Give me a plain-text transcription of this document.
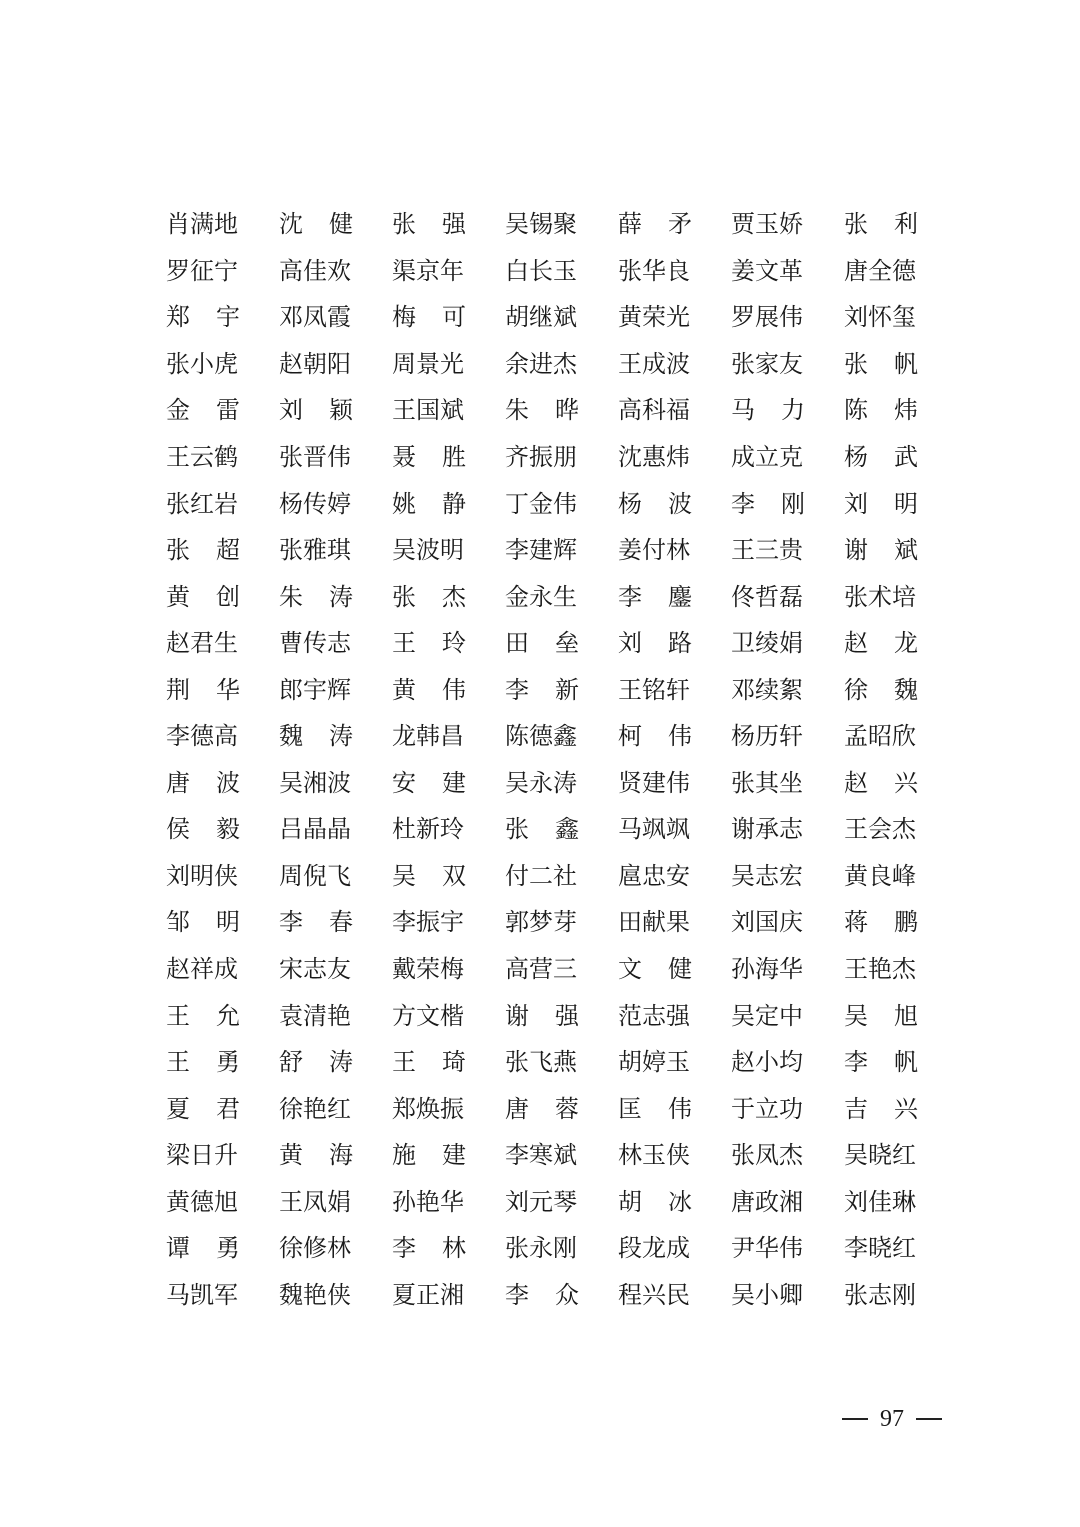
肖 满 地 沈 健 张 强 吴 锡 聚 薛 矛 贾 玉 娇 张 利
罗 征 宁 高 佳 欢 渠 京 年 白 长 玉 张 华 良 姜 文 革 唐 全 德
郑 宇 邓 凤 霞 梅 可 胡 继 斌 黄 荣 光 罗 展 伟 刘 怀 玺
张 小 虎 赵 朝 阳 周 景 光 余 进 杰 王 成 波 张 家 友 张 帆
金 雷 刘 颖 王 国 斌 朱 晔 高 科 福 马 力 陈 炜
王 云 鹤 张 晋 伟 聂 胜 齐 振 朋 沈 惠 炜 成 立 克 杨 武
张 红 岩 杨 传 婷 姚 静 丁 金 伟 杨 波 李 刚 刘 明
张 超 张 雅 琪 吴 波 明 李 建 辉 姜 付 林 王 三 贵 谢 斌
黄 创 朱 涛 张 杰 金 永 生 李 鏖 佟 哲 磊 张 术 培
赵 君 生 曹 传 志 王 玲 田 垒 刘 路 卫 绫 娟 赵 龙
荆 华 郎 宇 辉 黄 伟 李 新 王 铭 轩 邓 续 絮 徐 魏
李 德 高 魏 涛 龙 韩 昌 陈 德 鑫 柯 伟 杨 历 轩 孟 昭 欣
唐 波 吴 湘 波 安 建 吴 永 涛 贤 建 伟 张 其 坐 赵 兴
侯 毅 吕 晶 晶 杜 新 玲 张 鑫 马 飒 飒 谢 承 志 王 会 杰
刘 明 侠 周 倪 飞 吴 双 付 二 社 扈 忠 安 吴 志 宏 黄 良 峰
邹 明 李 春 李 振 宇 郭 梦 芽 田 献 果 刘 国 庆 蒋 鹏
赵 祥 成 宋 志 友 戴 荣 梅 高 营 三 文 健 孙 海 华 王 艳 杰
王 允 袁 清 艳 方 文 楷 谢 强 范 志 强 吴 定 中 吴 旭
王 勇 舒 涛 王 琦 张 飞 燕 胡 婷 玉 赵 小 均 李 帆
夏 君 徐 艳 红 郑 焕 振 唐 蓉 匡 伟 于 立 功 吉 兴
梁 日 升 黄 海 施 建 李 寒 斌 林 玉 侠 张 凤 杰 吴 晓 红
黄 德 旭 王 凤 娟 孙 艳 华 刘 元 琴 胡 冰 唐 政 湘 刘 佳 琳
谭 勇 徐 修 林 李 林 张 永 刚 段 龙 成 尹 华 伟 李 晓 红
马 凯 军 魏 艳 侠 夏 正 湘 李 众 程 兴 民 吴 小 卿 张 志 刚
97
